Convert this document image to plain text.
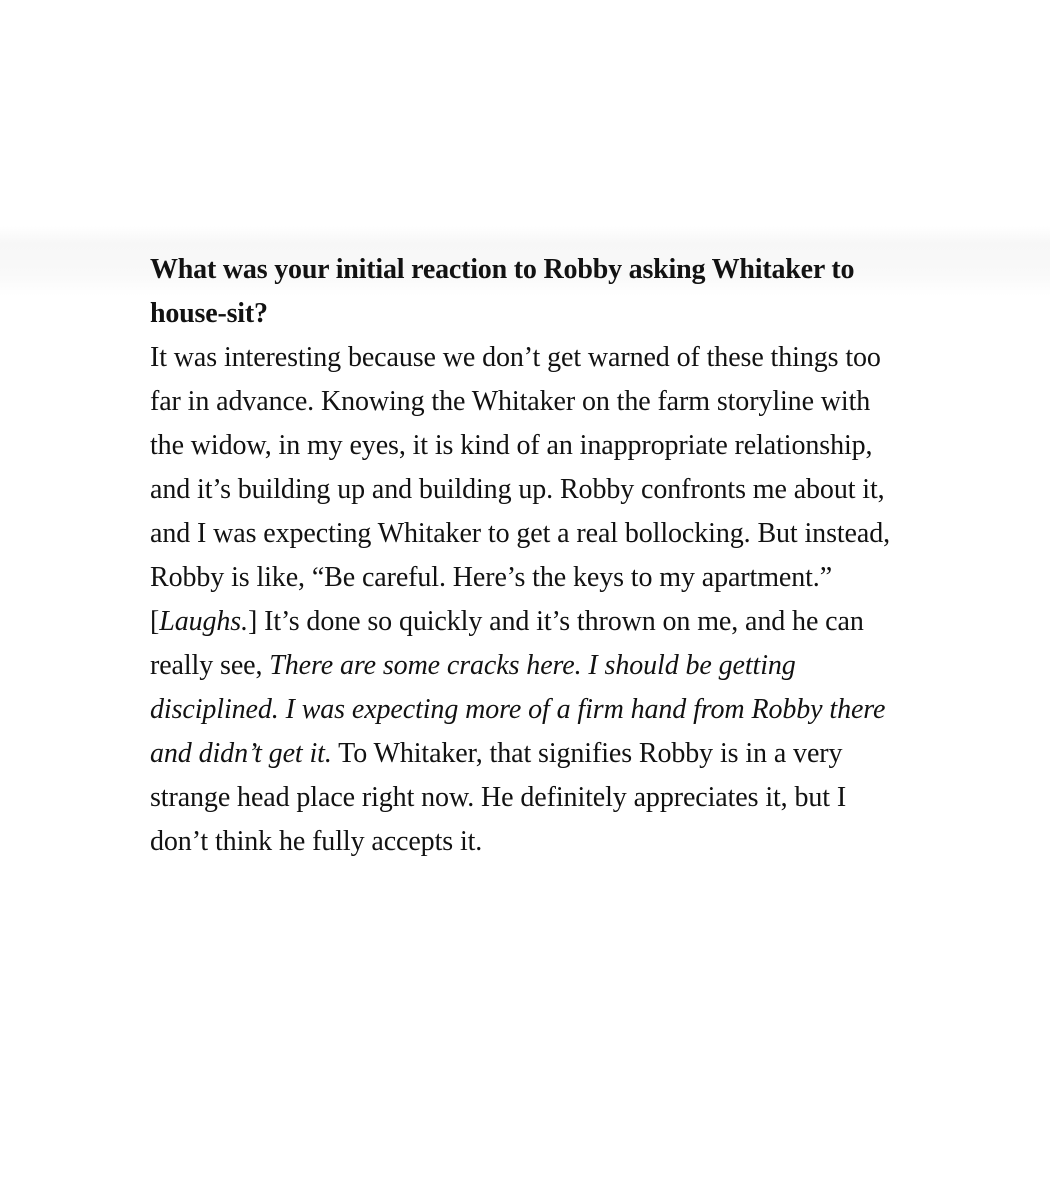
What was your initial reaction to Robby asking Whitaker to house-sit?

It was interesting because we don’t get warned of these things too far in advance. Knowing the Whitaker on the farm storyline with the widow, in my eyes, it is kind of an inappropriate relationship, and it’s building up and building up. Robby confronts me about it, and I was expecting Whitaker to get a real bollocking. But instead, Robby is like, “Be careful. Here’s the keys to my apartment.” [Laughs.] It’s done so quickly and it’s thrown on me, and he can really see, There are some cracks here. I should be getting disciplined. I was expecting more of a firm hand from Robby there and didn’t get it. To Whitaker, that signifies Robby is in a very strange head place right now. He definitely appreciates it, but I don’t think he fully accepts it.
